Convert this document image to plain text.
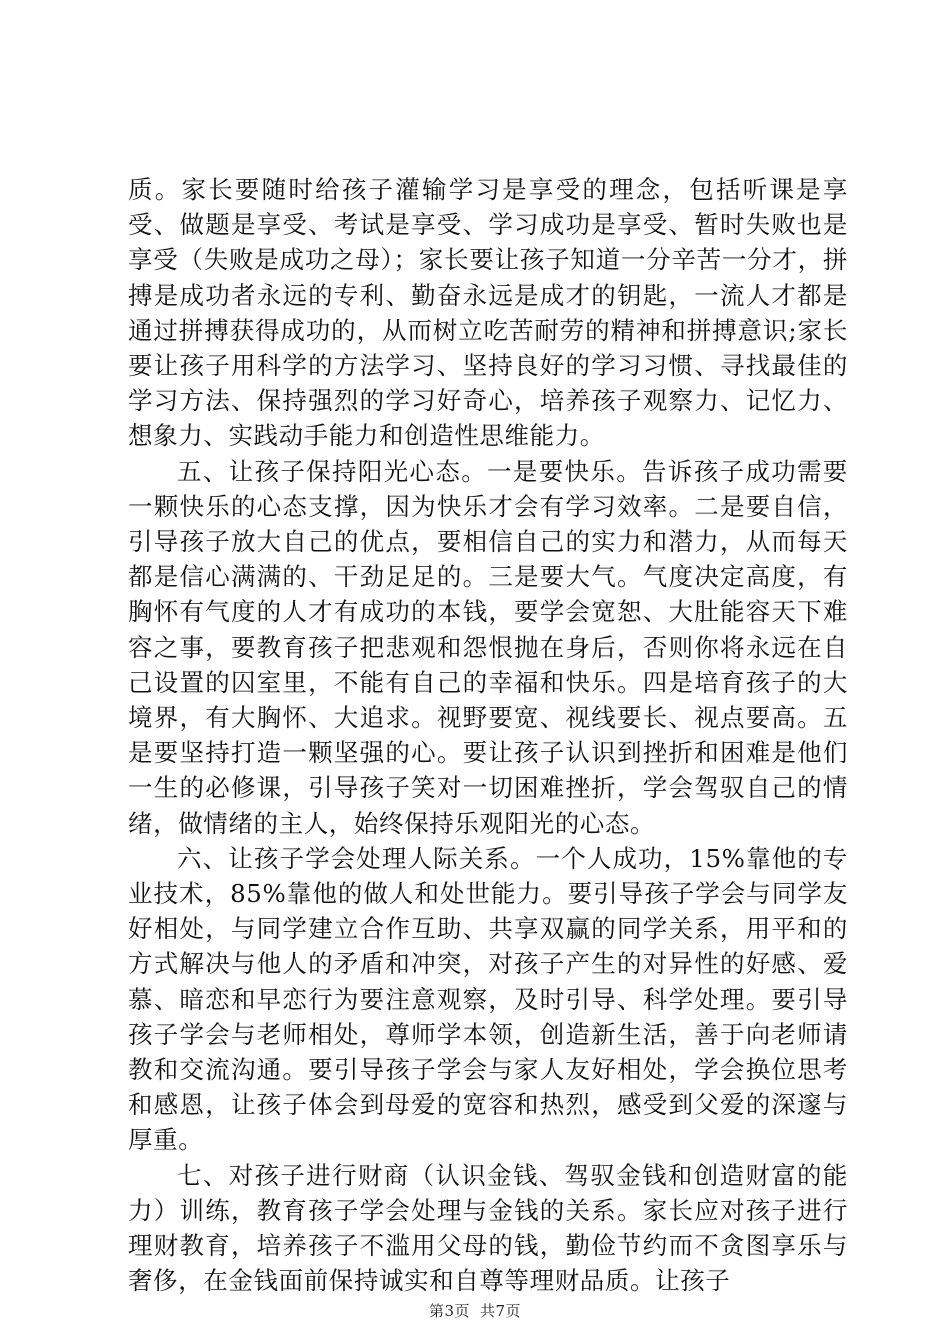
质。家长要随时给孩子灌输学习是享受的理念，包括听课是享受、做题是享受、考试是享受、学习成功是享受、暂时失败也是享受（失败是成功之母）；家长要让孩子知道一分辛苦一分才，拼搏是成功者永远的专利、勤奋永远是成才的钥匙，一流人才都是通过拼搏获得成功的，从而树立吃苦耐劳的精神和拼搏意识;家长要让孩子用科学的方法学习、坚持良好的学习习惯、寻找最佳的学习方法、保持强烈的学习好奇心，培养孩子观察力、记忆力、想象力、实践动手能力和创造性思维能力。

五、让孩子保持阳光心态。一是要快乐。告诉孩子成功需要一颗快乐的心态支撑，因为快乐才会有学习效率。二是要自信，引导孩子放大自己的优点，要相信自己的实力和潜力，从而每天都是信心满满的、干劲足足的。三是要大气。气度决定高度，有胸怀有气度的人才有成功的本钱，要学会宽恕、大肚能容天下难容之事，要教育孩子把悲观和怨恨抛在身后，否则你将永远在自己设置的囚室里，不能有自己的幸福和快乐。四是培育孩子的大境界，有大胸怀、大追求。视野要宽、视线要长、视点要高。五是要坚持打造一颗坚强的心。要让孩子认识到挫折和困难是他们一生的必修课，引导孩子笑对一切困难挫折，学会驾驭自己的情绪，做情绪的主人，始终保持乐观阳光的心态。

六、让孩子学会处理人际关系。一个人成功，15%靠他的专业技术，85%靠他的做人和处世能力。要引导孩子学会与同学友好相处，与同学建立合作互助、共享双赢的同学关系，用平和的方式解决与他人的矛盾和冲突，对孩子产生的对异性的好感、爱慕、暗恋和早恋行为要注意观察，及时引导、科学处理。要引导孩子学会与老师相处，尊师学本领，创造新生活，善于向老师请教和交流沟通。要引导孩子学会与家人友好相处，学会换位思考和感恩，让孩子体会到母爱的宽容和热烈，感受到父爱的深邃与厚重。

七、对孩子进行财商（认识金钱、驾驭金钱和创造财富的能力）训练，教育孩子学会处理与金钱的关系。家长应对孩子进行理财教育，培养孩子不滥用父母的钱，勤俭节约而不贪图享乐与奢侈，在金钱面前保持诚实和自尊等理财品质。让孩子

第3页 共7页
